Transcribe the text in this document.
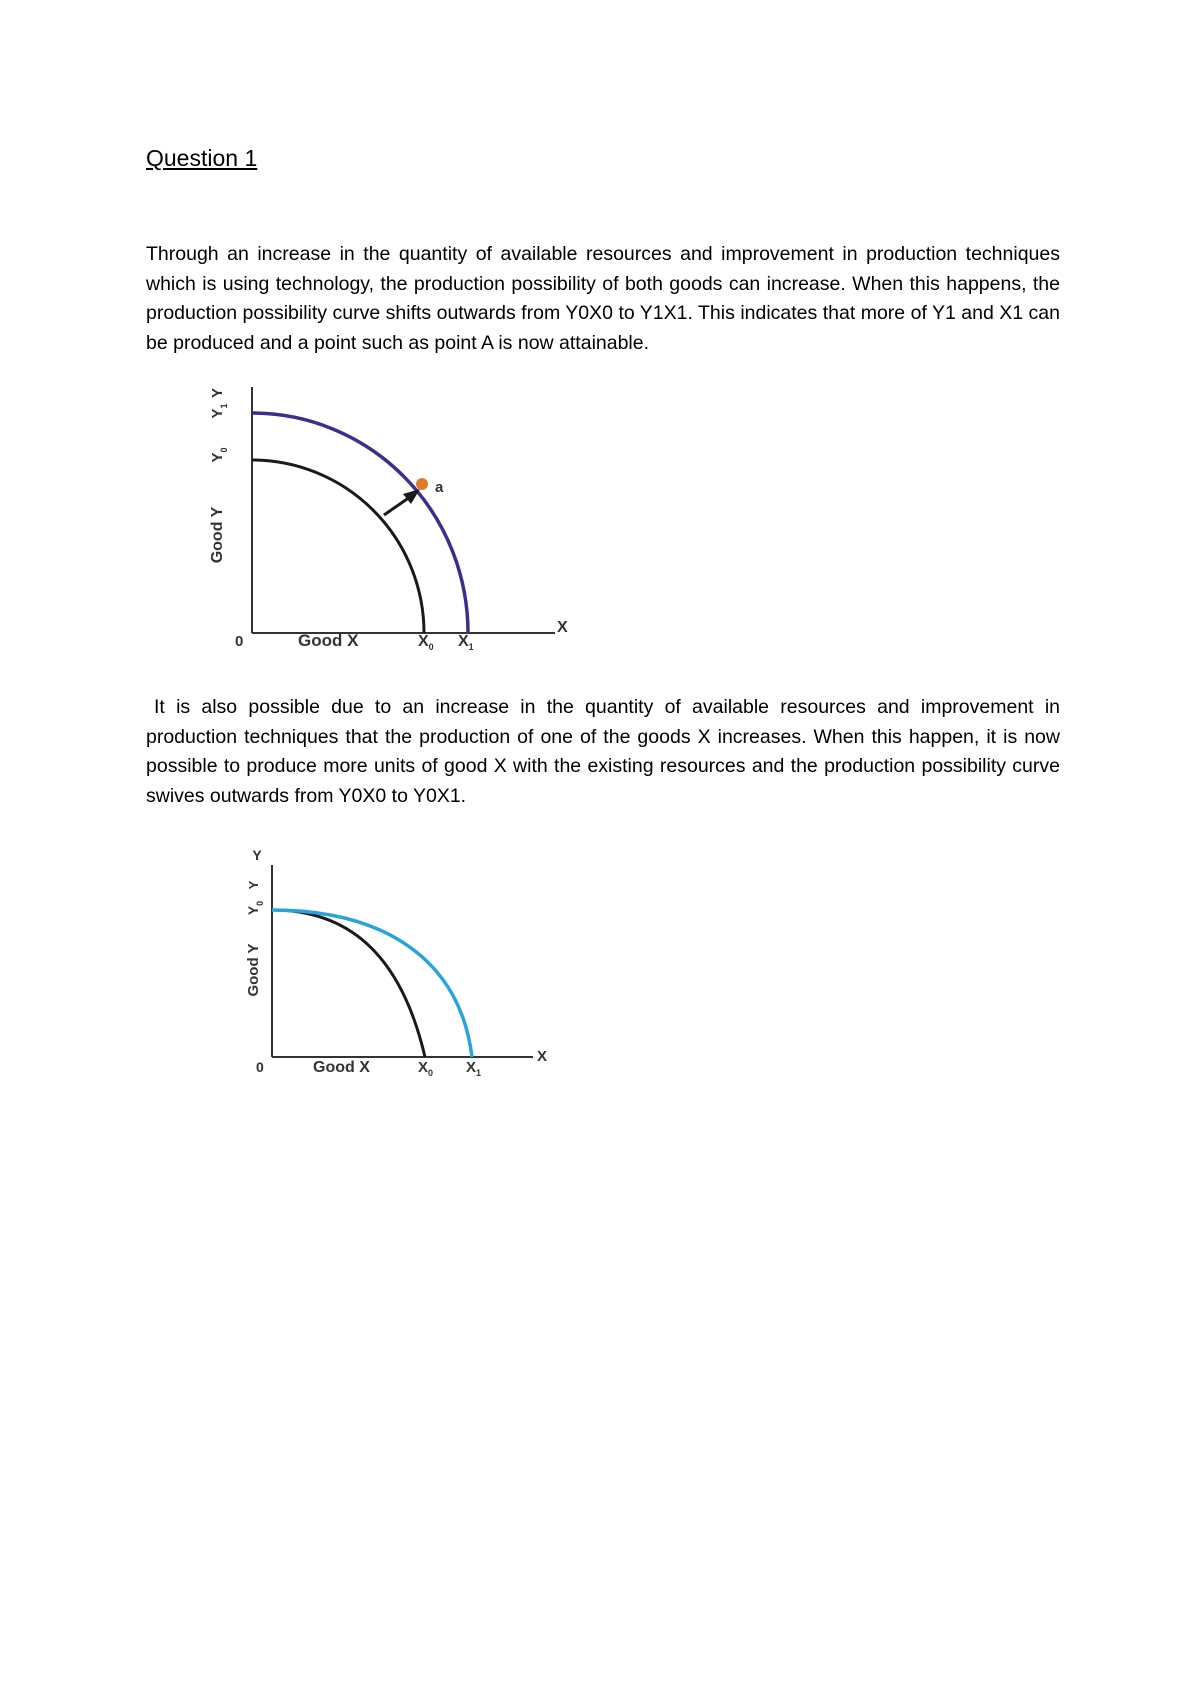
Question 1

Through an increase in the quantity of available resources and improvement in production techniques which is using technology, the production possibility of both goods can increase. When this happens, the production possibility curve shifts outwards from Y0X0 to Y1X1. This indicates that more of Y1 and X1 can be produced and a point such as point A is now attainable.

a
Y
$Y_1$
$Y_0$
Good Y
0	Good X	$X_0$ $X_1$
X

It is also possible due to an increase in the quantity of available resources and improvement in production techniques that the production of one of the goods X increases. When this happen, it is now possible to produce more units of good X with the existing resources and the production possibility curve swives outwards from Y0X0 to Y0X1.

Y
Y
$Y_0$
Good Y
0	Good X	$X_0$ $X_1$
X
